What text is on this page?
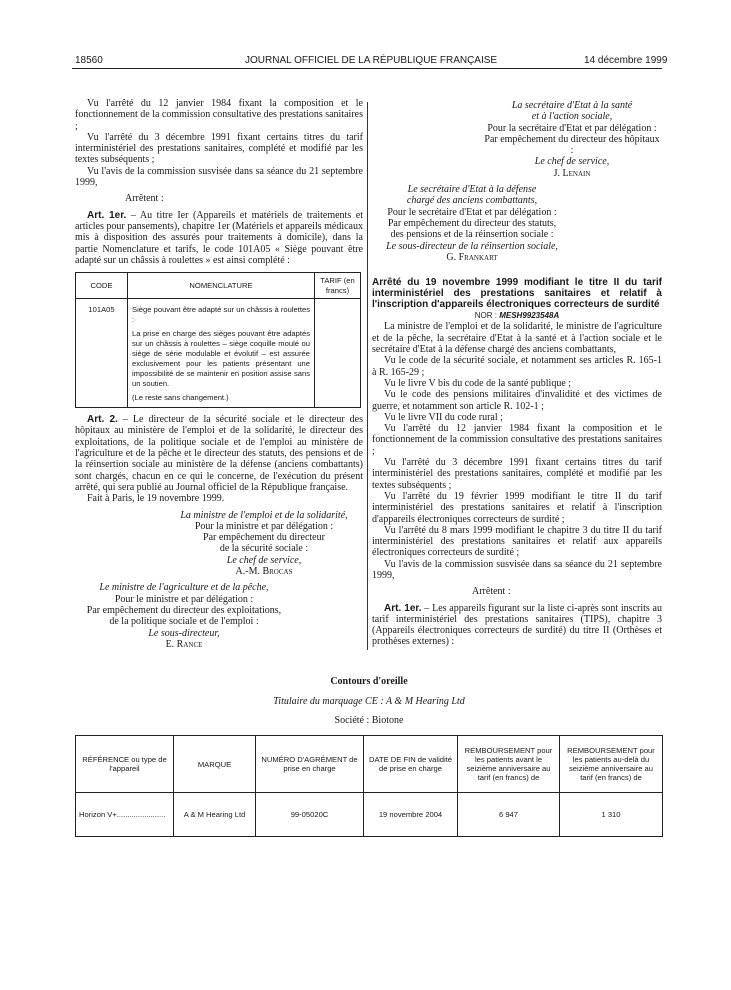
18560	JOURNAL OFFICIEL DE LA RÉPUBLIQUE FRANÇAISE	14 décembre 1999

Vu l'arrêté du 12 janvier 1984 fixant la composition et le fonctionnement de la commission consultative des prestations sanitaires ;

Vu l'arrêté du 3 décembre 1991 fixant certains titres du tarif interministériel des prestations sanitaires, complété et modifié par les textes subséquents ;

Vu l'avis de la commission susvisée dans sa séance du 21 septembre 1999,

Arrêtent :

Art. 1er. – Au titre Ier (Appareils et matériels de traitements et articles pour pansements), chapitre 1er (Matériels et appareils médicaux mis à disposition des assurés pour traitements à domicile), dans la partie Nomenclature et tarifs, le code 101A05 « Siège pouvant être adapté sur un châssis à roulettes » est ainsi complété :

CODE	NOMENCLATURE	TARIF (en francs)
101A05	Siège pouvant être adapté sur un châssis à roulettes :
La prise en charge des sièges pouvant être adaptés sur un châssis à roulettes – siège coquille moulé ou siège de série modulable et évolutif – est assurée exclusivement pour les patients présentant une impossibilité de se maintenir en position assise sans un soutien.
(Le reste sans changement.)	

Art. 2. – Le directeur de la sécurité sociale et le directeur des hôpitaux au ministère de l'emploi et de la solidarité, le directeur des exploitations, de la politique sociale et de l'emploi au ministère de l'agriculture et de la pêche et le directeur des statuts, des pensions et de la réinsertion sociale au ministère de la défense (anciens combattants) sont chargés, chacun en ce qui le concerne, de l'exécution du présent arrêté, qui sera publié au Journal officiel de la République française.

Fait à Paris, le 19 novembre 1999.

La ministre de l'emploi et de la solidarité,

Pour la ministre et par délégation :

Par empêchement du directeur

de la sécurité sociale :

Le chef de service,

A.-M. Brocas

Le ministre de l'agriculture et de la pêche,

Pour le ministre et par délégation :

Par empêchement du directeur des exploitations,

de la politique sociale et de l'emploi :

Le sous-directeur,

E. Rance

La secrétaire d'Etat à la santé

et à l'action sociale,

Pour la secrétaire d'Etat et par délégation :

Par empêchement du directeur des hôpitaux :

Le chef de service,

J. Lenain

Le secrétaire d'Etat à la défense

chargé des anciens combattants,

Pour le secrétaire d'Etat et par délégation :

Par empêchement du directeur des statuts,

des pensions et de la réinsertion sociale :

Le sous-directeur de la réinsertion sociale,

G. Frankart

Arrêté du 19 novembre 1999 modifiant le titre II du tarif interministériel des prestations sanitaires et relatif à l'inscription d'appareils électroniques correcteurs de surdité

NOR : MESH9923548A

La ministre de l'emploi et de la solidarité, le ministre de l'agriculture et de la pêche, la secrétaire d'Etat à la santé et à l'action sociale et le secrétaire d'Etat à la défense chargé des anciens combattants,

Vu le code de la sécurité sociale, et notamment ses articles R. 165-1 à R. 165-29 ;

Vu le livre V bis du code de la santé publique ;

Vu le code des pensions militaires d'invalidité et des victimes de guerre, et notamment son article R. 102-1 ;

Vu le livre VII du code rural ;

Vu l'arrêté du 12 janvier 1984 fixant la composition et le fonctionnement de la commission consultative des prestations sanitaires ;

Vu l'arrêté du 3 décembre 1991 fixant certains titres du tarif interministériel des prestations sanitaires, complété et modifié par les textes subséquents ;

Vu l'arrêté du 19 février 1999 modifiant le titre II du tarif interministériel des prestations sanitaires et relatif à l'inscription d'appareils électroniques correcteurs de surdité ;

Vu l'arrêté du 8 mars 1999 modifiant le chapitre 3 du titre II du tarif interministériel des prestations sanitaires et relatif aux appareils électroniques correcteurs de surdité ;

Vu l'avis de la commission susvisée dans sa séance du 21 septembre 1999,

Arrêtent :

Art. 1er. – Les appareils figurant sur la liste ci-après sont inscrits au tarif interministériel des prestations sanitaires (TIPS), chapitre 3 (Appareils électroniques correcteurs de surdité) du titre II (Orthèses et prothèses externes) :

Contours d'oreille
Titulaire du marquage CE : A & M Hearing Ltd
Société : Biotone
RÉFÉRENCE ou type de l'appareil	MARQUE	NUMÉRO D'AGRÉMENT de prise en charge	DATE DE FIN de validité de prise en charge	REMBOURSEMENT pour les patients avant le seizième anniversaire au tarif (en francs) de	REMBOURSEMENT pour les patients au-delà du seizième anniversaire au tarif (en francs) de
Horizon V+.......................	A & M Hearing Ltd	99-05020C	19 novembre 2004	6 947	1 310
